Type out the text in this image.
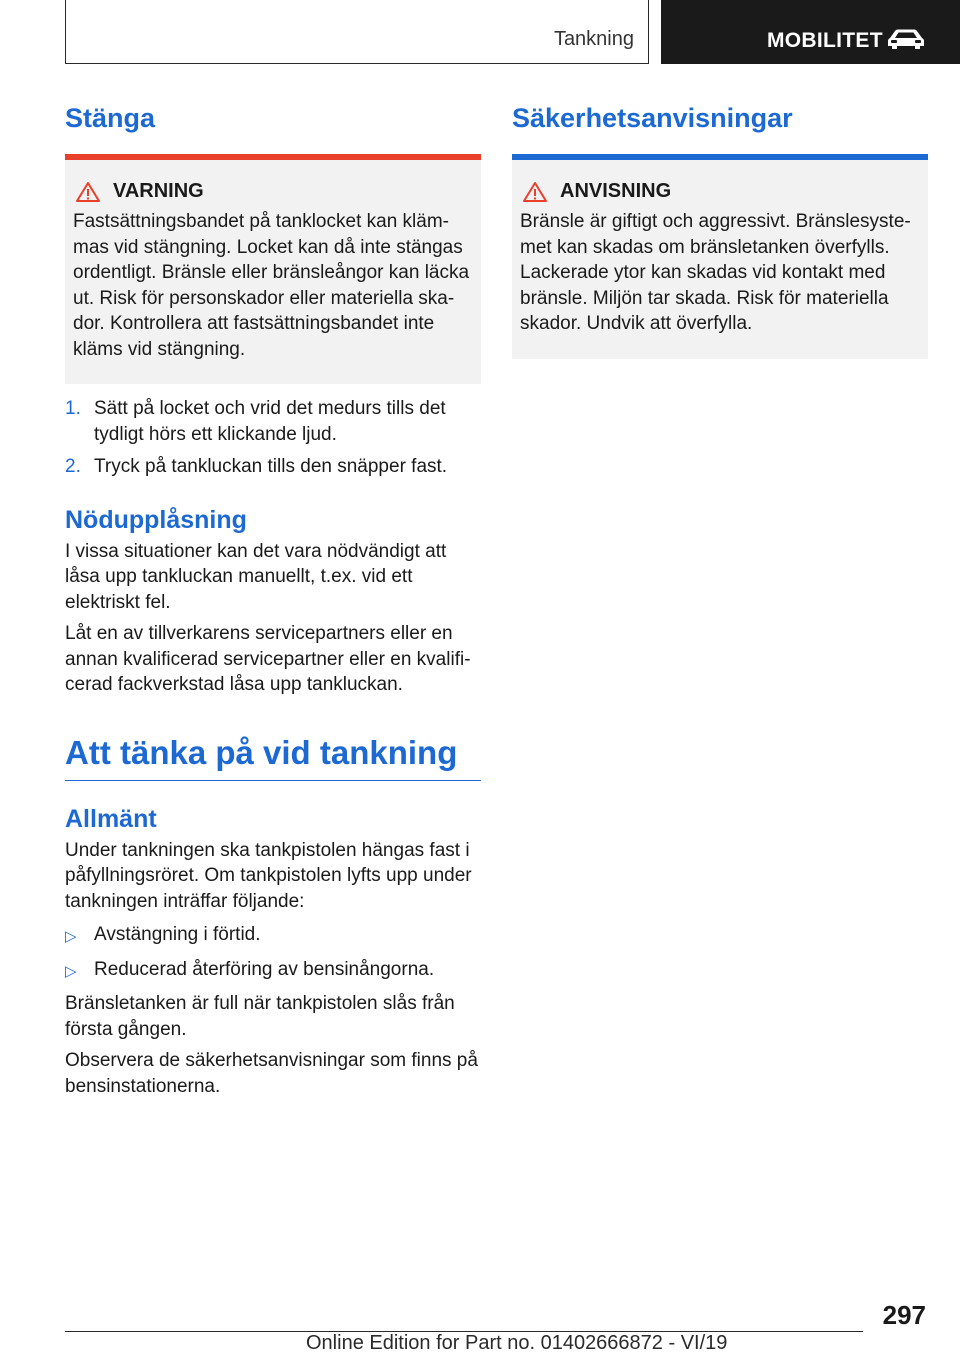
Tankning	MOBILITET
Stänga
VARNING

Fastsättningsbandet på tanklocket kan klämmas vid stängning. Locket kan då inte stängas ordentligt. Bränsle eller bränsleångor kan läcka ut. Risk för personskador eller materiella skador. Kontrollera att fastsättningsbandet inte kläms vid stängning.

1. Sätt på locket och vrid det medurs tills det tydligt hörs ett klickande ljud.
2. Tryck på tankluckan tills den snäpper fast.
Nödupplåsning

I vissa situationer kan det vara nödvändigt att låsa upp tankluckan manuellt, t.ex. vid ett elektriskt fel.

Låt en av tillverkarens servicepartners eller en annan kvalificerad servicepartner eller en kvalificerad fackverkstad låsa upp tankluckan.

Att tänka på vid tankning
Allmänt

Under tankningen ska tankpistolen hängas fast i påfyllningsröret. Om tankpistolen lyfts upp under tankningen inträffar följande:

▷ Avstängning i förtid.
▷ Reducerad återföring av bensinångorna.

Bränsletanken är full när tankpistolen slås från första gången.

Observera de säkerhetsanvisningar som finns på bensinstationerna.

Säkerhetsanvisningar
ANVISNING

Bränsle är giftigt och aggressivt. Bränslesystemet kan skadas om bränsletanken överfylls. Lackerade ytor kan skadas vid kontakt med bränsle. Miljön tar skada. Risk för materiella skador. Undvik att överfylla.

297
Online Edition for Part no. 01402666872 - VI/19
